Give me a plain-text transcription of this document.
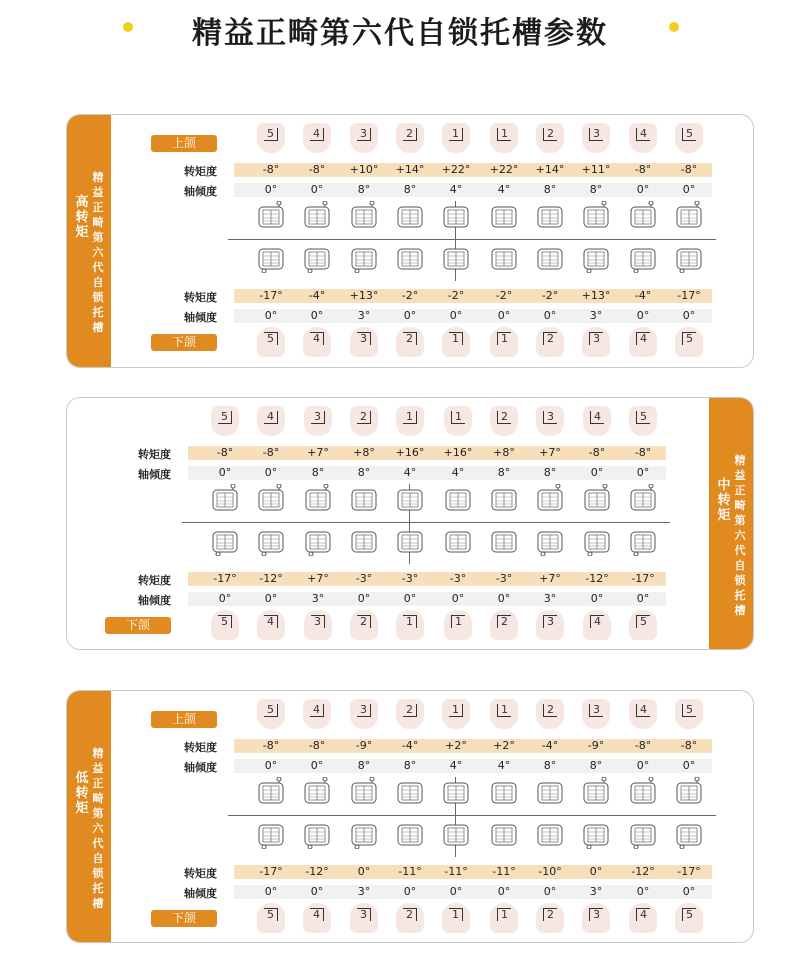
精益正畸第六代自锁托槽参数
精益正畸第六代自锁托槽
高转矩
上颌
下颌
转矩度
轴倾度
转矩度
轴倾度
5
-8°
0°
-17°
0°
5
4
-8°
0°
-4°
0°
4
3
+10°
8°
+13°
3°
3
2
+14°
8°
-2°
0°
2
1
+22°
4°
-2°
0°
1
1
+22°
4°
-2°
0°
1
2
+14°
8°
-2°
0°
2
3
+11°
8°
+13°
3°
3
4
-8°
0°
-4°
0°
4
5
-8°
0°
-17°
0°
5
精益正畸第六代自锁托槽
中转矩
下颌
转矩度
轴倾度
转矩度
轴倾度
5
-8°
0°
-17°
0°
5
4
-8°
0°
-12°
0°
4
3
+7°
8°
+7°
3°
3
2
+8°
8°
-3°
0°
2
1
+16°
4°
-3°
0°
1
1
+16°
4°
-3°
0°
1
2
+8°
8°
-3°
0°
2
3
+7°
8°
+7°
3°
3
4
-8°
0°
-12°
0°
4
5
-8°
0°
-17°
0°
5
精益正畸第六代自锁托槽
低转矩
上颌
下颌
转矩度
轴倾度
转矩度
轴倾度
5
-8°
0°
-17°
0°
5
4
-8°
0°
-12°
0°
4
3
-9°
8°
0°
3°
3
2
-4°
8°
-11°
0°
2
1
+2°
4°
-11°
0°
1
1
+2°
4°
-11°
0°
1
2
-4°
8°
-10°
0°
2
3
-9°
8°
0°
3°
3
4
-8°
0°
-12°
0°
4
5
-8°
0°
-17°
0°
5
